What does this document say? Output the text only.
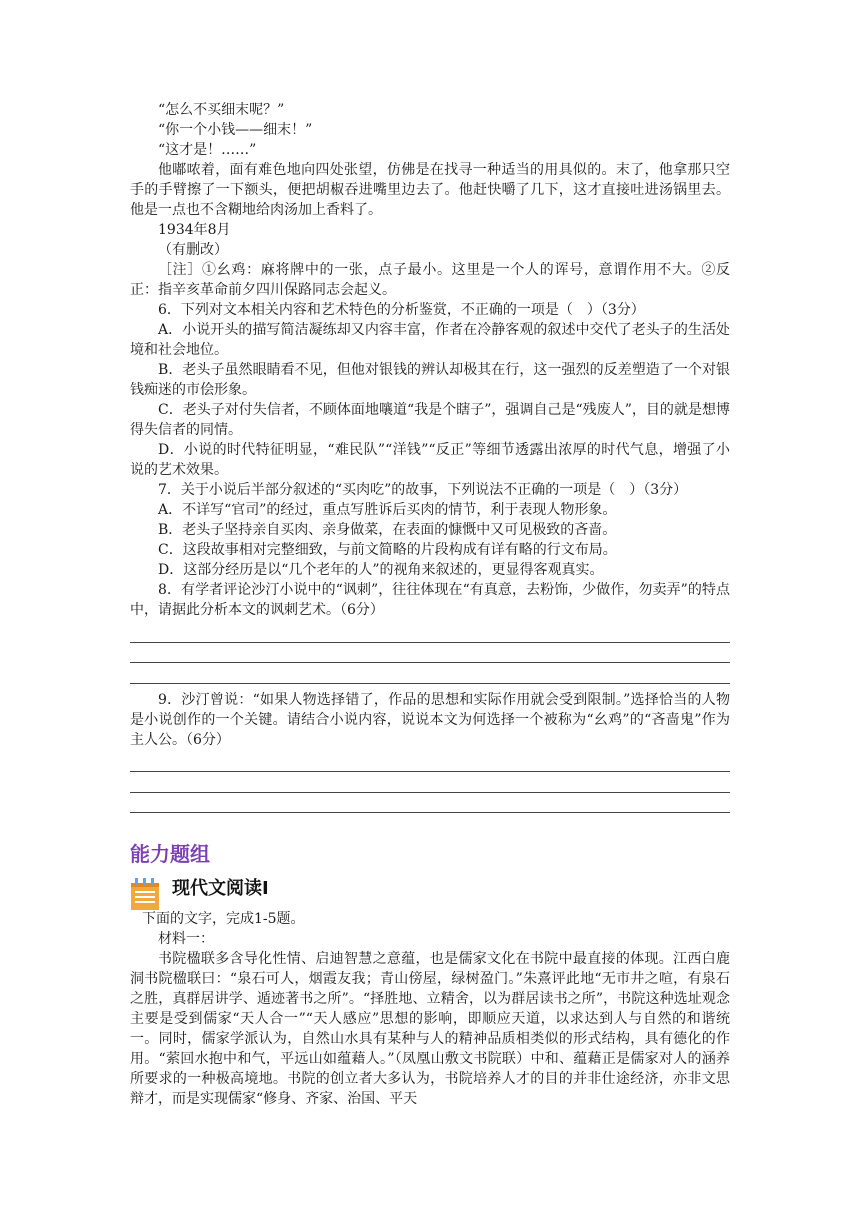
“怎么不买细末呢？”

“你一个小钱——细末！”

“这才是！……”

他嘟哝着，面有难色地向四处张望，仿佛是在找寻一种适当的用具似的。末了，他拿那只空手的手臂擦了一下额头，便把胡椒吞进嘴里边去了。他赶快嚼了几下，这才直接吐进汤锅里去。他是一点也不含糊地给肉汤加上香料了。

1934年8月

（有删改）

［注］①幺鸡：麻将牌中的一张，点子最小。这里是一个人的诨号，意谓作用不大。②反正：指辛亥革命前夕四川保路同志会起义。

6．下列对文本相关内容和艺术特色的分析鉴赏，不正确的一项是（　）（3分）

A．小说开头的描写简洁凝练却又内容丰富，作者在冷静客观的叙述中交代了老头子的生活处境和社会地位。

B．老头子虽然眼睛看不见，但他对银钱的辨认却极其在行，这一强烈的反差塑造了一个对银钱痴迷的市侩形象。

C．老头子对付失信者，不顾体面地嚷道“我是个瞎子”，强调自己是“残废人”，目的就是想博得失信者的同情。

D．小说的时代特征明显，“难民队”“洋钱”“反正”等细节透露出浓厚的时代气息，增强了小说的艺术效果。

7．关于小说后半部分叙述的“买肉吃”的故事，下列说法不正确的一项是（　）（3分）

A．不详写“官司”的经过，重点写胜诉后买肉的情节，利于表现人物形象。

B．老头子坚持亲自买肉、亲身做菜，在表面的慷慨中又可见极致的吝啬。

C．这段故事相对完整细致，与前文简略的片段构成有详有略的行文布局。

D．这部分经历是以“几个老年的人”的视角来叙述的，更显得客观真实。

8．有学者评论沙汀小说中的“讽刺”，往往体现在“有真意，去粉饰，少做作，勿卖弄”的特点中，请据此分析本文的讽刺艺术。（6分）

9．沙汀曾说：“如果人物选择错了，作品的思想和实际作用就会受到限制。”选择恰当的人物是小说创作的一个关键。请结合小说内容，说说本文为何选择一个被称为“幺鸡”的“吝啬鬼”作为主人公。（6分）

能力题组
现代文阅读Ⅰ

下面的文字，完成1-5题。

材料一：

书院楹联多含导化性情、启迪智慧之意蕴，也是儒家文化在书院中最直接的体现。江西白鹿洞书院楹联曰：“泉石可人，烟霞友我；青山傍屋，绿树盈门。”朱熹评此地“无市井之喧，有泉石之胜，真群居讲学、遁迹著书之所”。“择胜地、立精舍，以为群居读书之所”，书院这种选址观念主要是受到儒家“天人合一”“天人感应”思想的影响，即顺应天道，以求达到人与自然的和谐统一。同时，儒家学派认为，自然山水具有某种与人的精神品质相类似的形式结构，具有德化的作用。“萦回水抱中和气，平远山如蕴藉人。”（凤凰山敷文书院联）中和、蕴藉正是儒家对人的涵养所要求的一种极高境地。书院的创立者大多认为，书院培养人才的目的并非仕途经济，亦非文思辩才，而是实现儒家“修身、齐家、治国、平天
